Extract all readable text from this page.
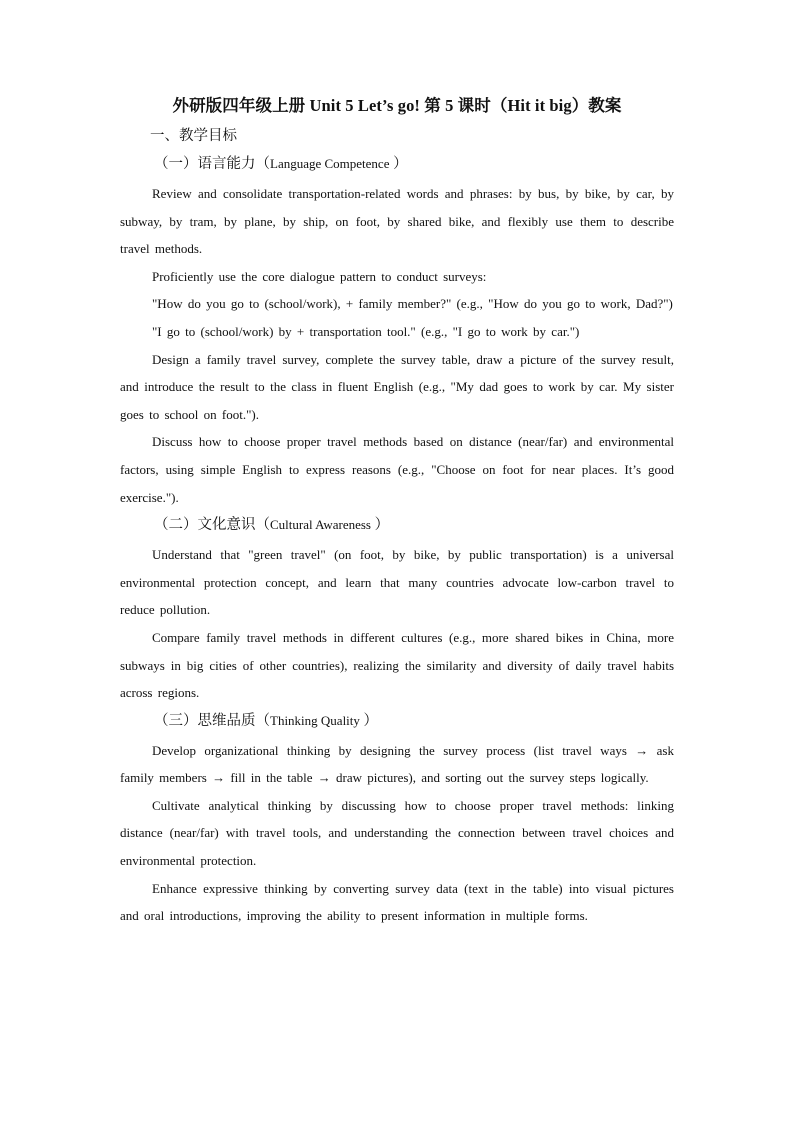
外研版四年级上册 Unit 5 Let’s go! 第 5 课时（Hit it big）教案
一、教学目标
（一）语言能力（Language Competence ）

Review and consolidate transportation-related words and phrases: by bus, by bike, by car, by subway, by tram, by plane, by ship, on foot, by shared bike, and flexibly use them to describe travel methods.

Proficiently use the core dialogue pattern to conduct surveys:

"How do you go to (school/work), + family member?" (e.g., "How do you go to work, Dad?")

"I go to (school/work) by + transportation tool." (e.g., "I go to work by car.")

Design a family travel survey, complete the survey table, draw a picture of the survey result, and introduce the result to the class in fluent English (e.g., "My dad goes to work by car. My sister goes to school on foot.").

Discuss how to choose proper travel methods based on distance (near/far) and environmental factors, using simple English to express reasons (e.g., "Choose on foot for near places. It’s good exercise.").

（二）文化意识（Cultural Awareness ）

Understand that "green travel" (on foot, by bike, by public transportation) is a universal environmental protection concept, and learn that many countries advocate low-carbon travel to reduce pollution.

Compare family travel methods in different cultures (e.g., more shared bikes in China, more subways in big cities of other countries), realizing the similarity and diversity of daily travel habits across regions.

（三）思维品质（Thinking Quality ）

Develop organizational thinking by designing the survey process (list travel ways → ask family members → fill in the table → draw pictures), and sorting out the survey steps logically.

Cultivate analytical thinking by discussing how to choose proper travel methods: linking distance (near/far) with travel tools, and understanding the connection between travel choices and environmental protection.

Enhance expressive thinking by converting survey data (text in the table) into visual pictures and oral introductions, improving the ability to present information in multiple forms.
